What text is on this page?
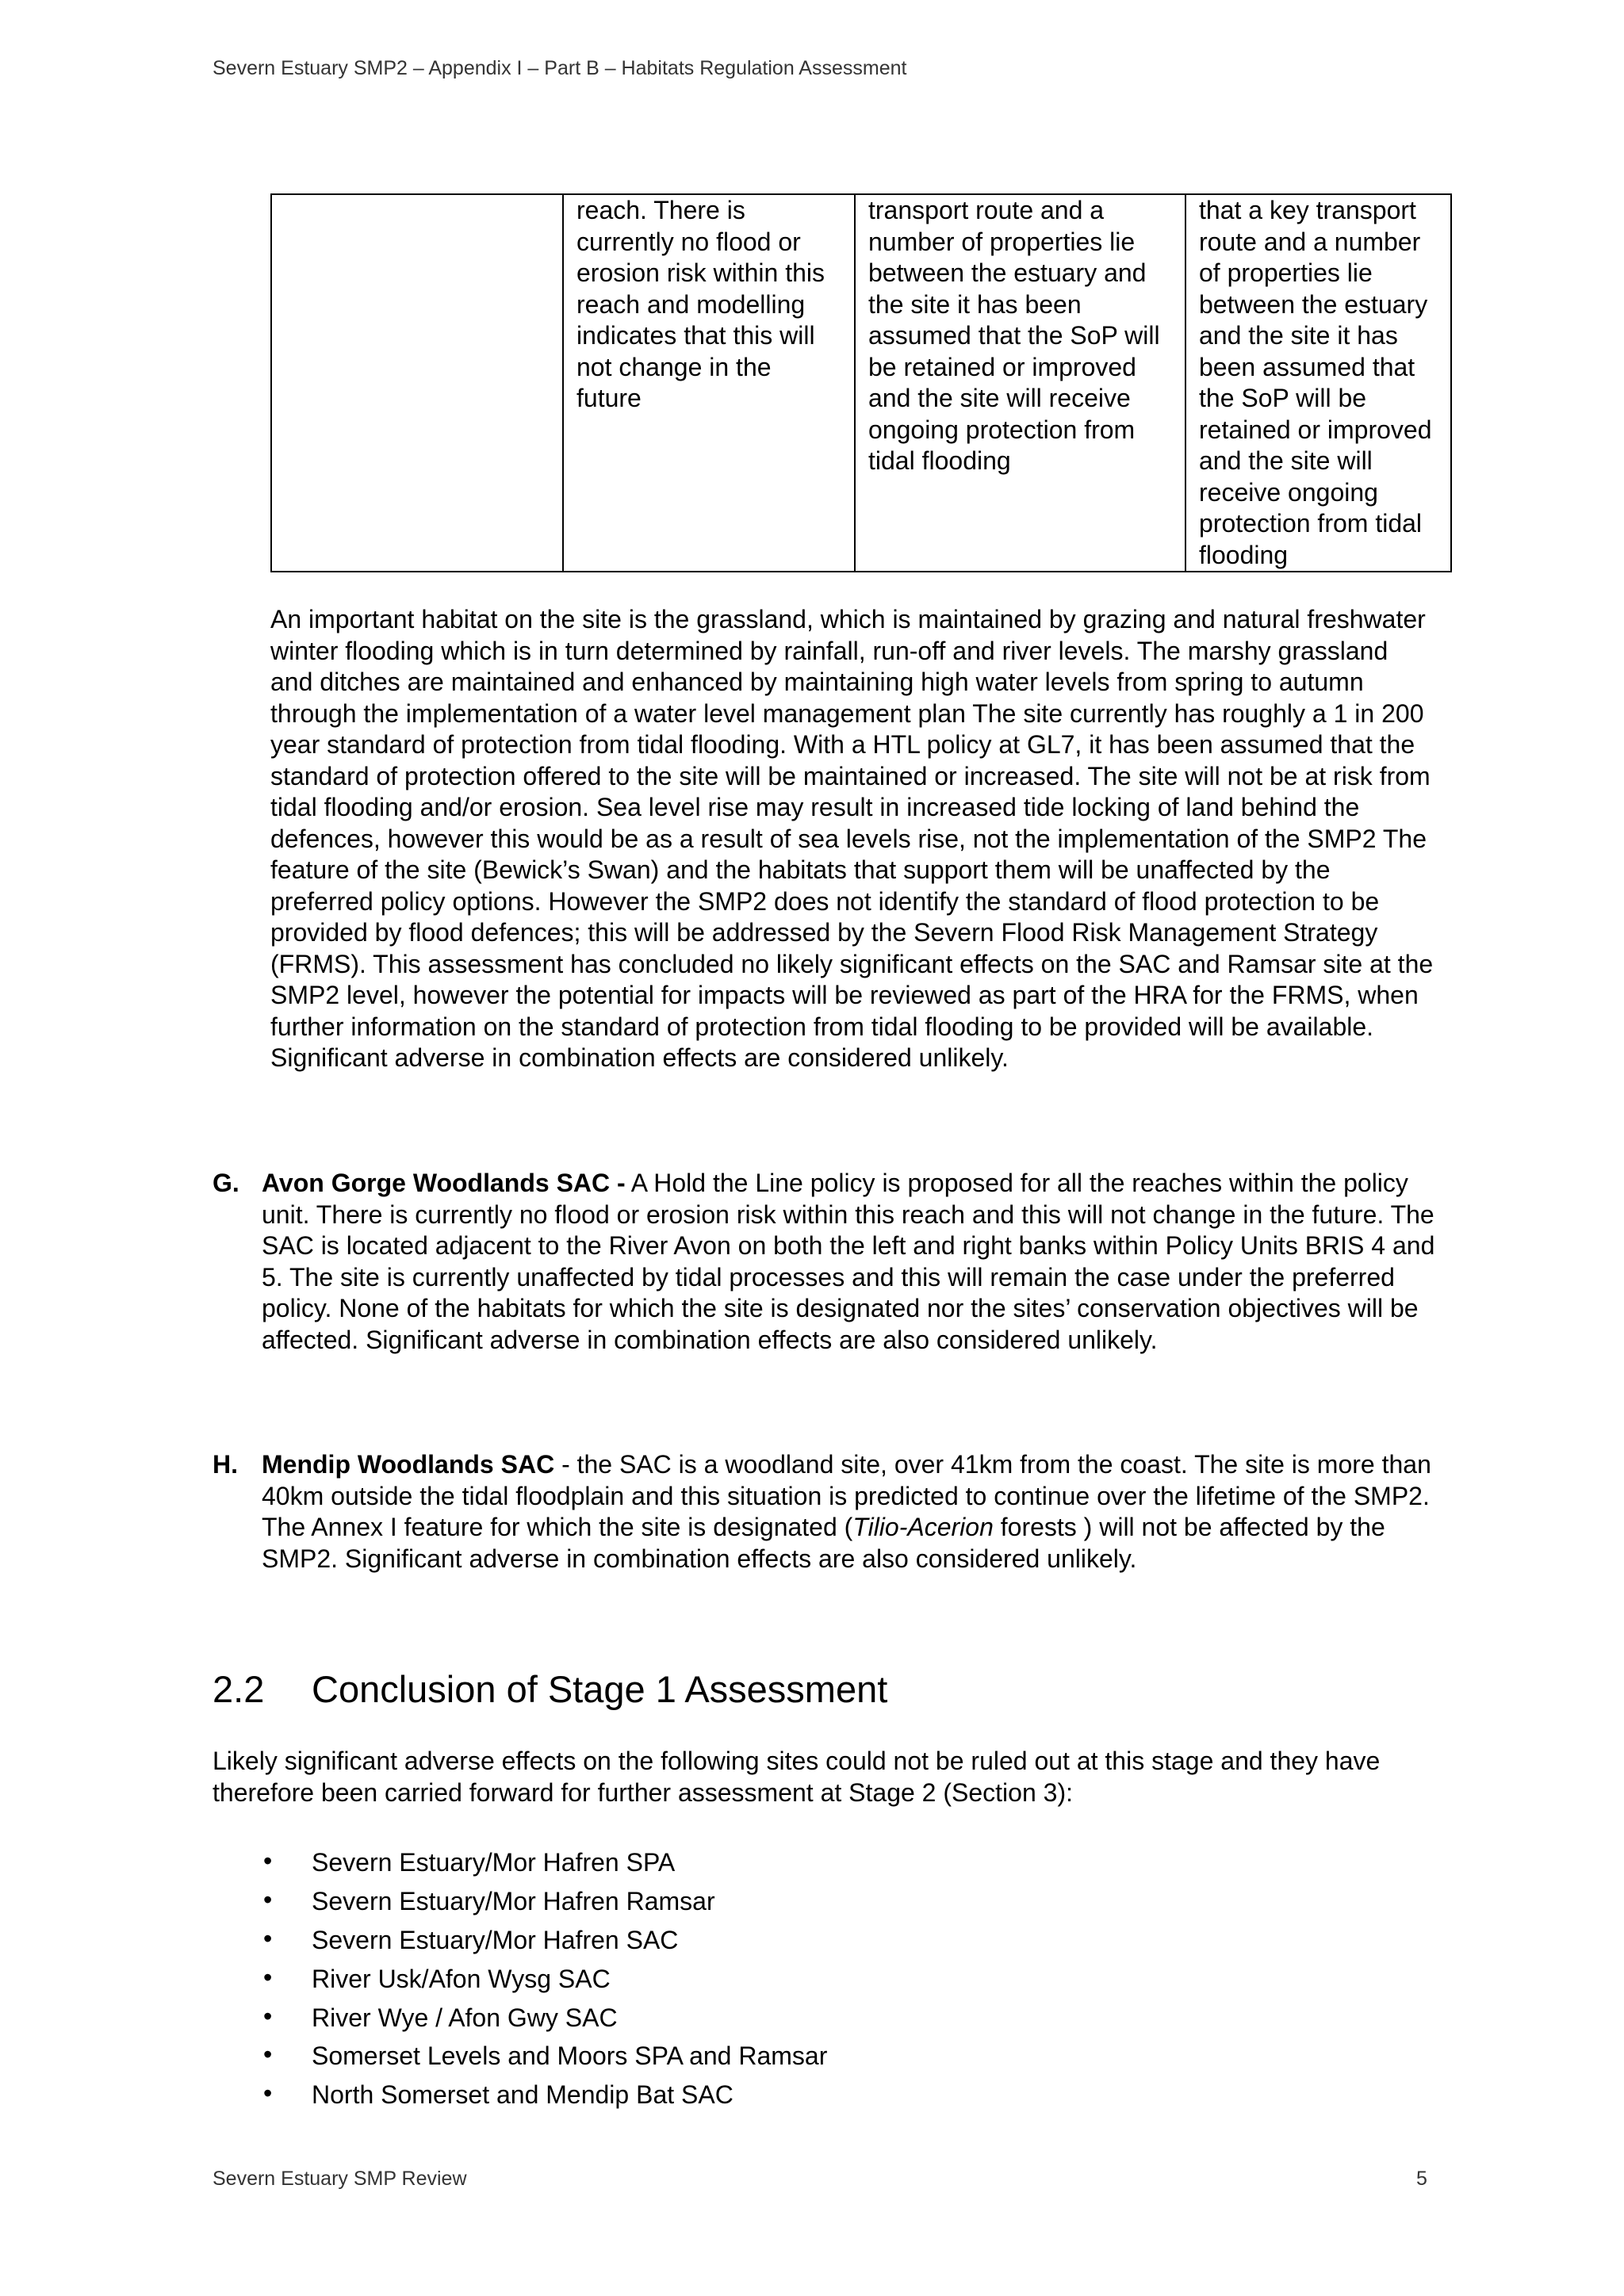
Severn Estuary SMP2 – Appendix I – Part B – Habitats Regulation Assessment
	reach. There is currently no flood or erosion risk within this reach and modelling indicates that this will not change in the future	transport route and a number of properties lie between the estuary and the site it has been assumed that the SoP will be retained or improved and the site will receive ongoing protection from tidal flooding	that a key transport route and a number of properties lie between the estuary and the site it has been assumed that the SoP will be retained or improved and the site will receive ongoing protection from tidal flooding
An important habitat on the site is the grassland, which is maintained by grazing and natural freshwater winter flooding which is in turn determined by rainfall, run-off and river levels. The marshy grassland and ditches are maintained and enhanced by maintaining high water levels from spring to autumn through the implementation of a water level management plan The site currently has roughly a 1 in 200 year standard of protection from tidal flooding. With a HTL policy at GL7, it has been assumed that the standard of protection offered to the site will be maintained or increased. The site will not be at risk from tidal flooding and/or erosion. Sea level rise may result in increased tide locking of land behind the defences, however this would be as a result of sea levels rise, not the implementation of the SMP2 The feature of the site (Bewick’s Swan) and the habitats that support them will be unaffected by the preferred policy options. However the SMP2 does not identify the standard of flood protection to be provided by flood defences; this will be addressed by the Severn Flood Risk Management Strategy (FRMS). This assessment has concluded no likely significant effects on the SAC and Ramsar site at the SMP2 level, however the potential for impacts will be reviewed as part of the HRA for the FRMS, when further information on the standard of protection from tidal flooding to be provided will be available. Significant adverse in combination effects are considered unlikely.
G. Avon Gorge Woodlands SAC - A Hold the Line policy is proposed for all the reaches within the policy unit. There is currently no flood or erosion risk within this reach and this will not change in the future. The SAC is located adjacent to the River Avon on both the left and right banks within Policy Units BRIS 4 and 5. The site is currently unaffected by tidal processes and this will remain the case under the preferred policy. None of the habitats for which the site is designated nor the sites’ conservation objectives will be affected. Significant adverse in combination effects are also considered unlikely.
H. Mendip Woodlands SAC - the SAC is a woodland site, over 41km from the coast. The site is more than 40km outside the tidal floodplain and this situation is predicted to continue over the lifetime of the SMP2. The Annex I feature for which the site is designated (Tilio-Acerion forests ) will not be affected by the SMP2. Significant adverse in combination effects are also considered unlikely.
2.2 Conclusion of Stage 1 Assessment
Likely significant adverse effects on the following sites could not be ruled out at this stage and they have therefore been carried forward for further assessment at Stage 2 (Section 3):
• Severn Estuary/Mor Hafren SPA
• Severn Estuary/Mor Hafren Ramsar
• Severn Estuary/Mor Hafren SAC
• River Usk/Afon Wysg SAC
• River Wye / Afon Gwy SAC
• Somerset Levels and Moors SPA and Ramsar
• North Somerset and Mendip Bat SAC
Severn Estuary SMP Review	5
